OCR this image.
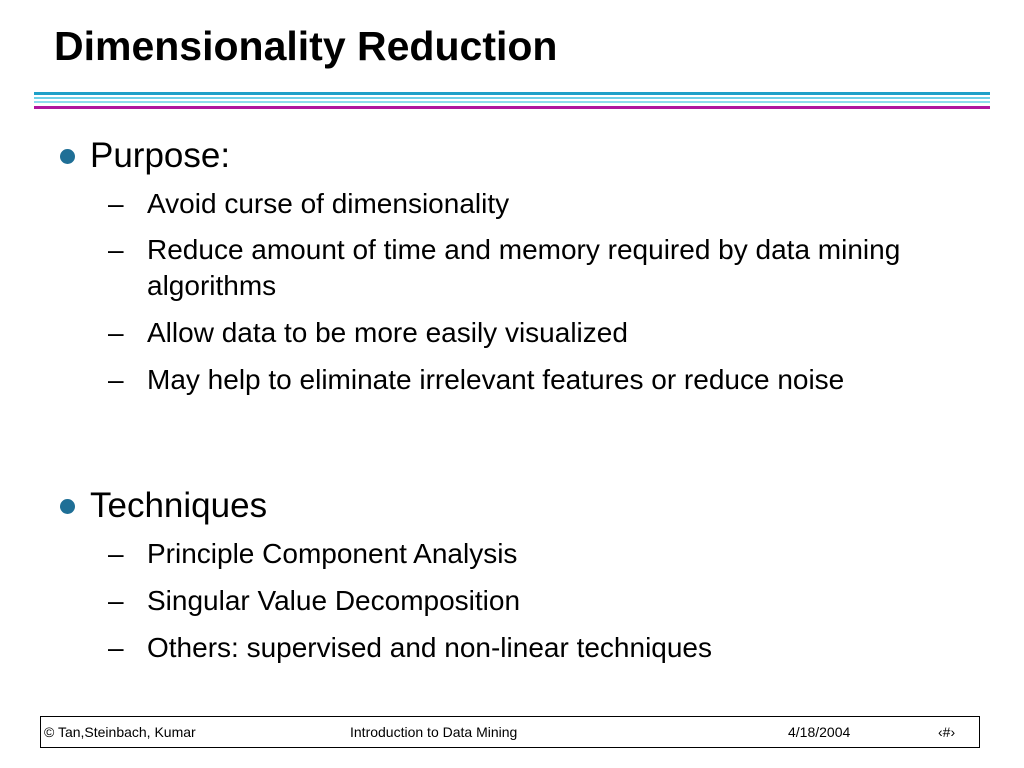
Dimensionality Reduction
Purpose:
– Avoid curse of dimensionality
– Reduce amount of time and memory required by data mining algorithms
– Allow data to be more easily visualized
– May help to eliminate irrelevant features or reduce noise
Techniques
– Principle Component Analysis
– Singular Value Decomposition
– Others: supervised and non-linear techniques
© Tan,Steinbach, Kumar	Introduction to Data Mining	4/18/2004	‹#›
